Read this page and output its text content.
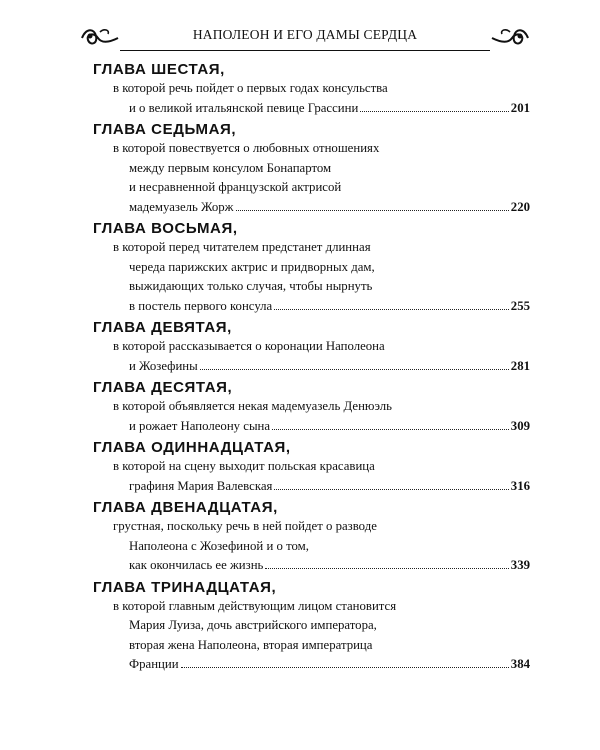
НАПОЛЕОН И ЕГО ДАМЫ СЕРДЦА
ГЛАВА ШЕСТАЯ,
в которой речь пойдет о первых годах консульства
и о великой итальянской певице Грассини	201
ГЛАВА СЕДЬМАЯ,
в которой повествуется о любовных отношениях
между первым консулом Бонапартом
и несравненной французской актрисой
мадемуазель Жорж	220
ГЛАВА ВОСЬМАЯ,
в которой перед читателем предстанет длинная
череда парижских актрис и придворных дам,
выжидающих только случая, чтобы нырнуть
в постель первого консула	255
ГЛАВА ДЕВЯТАЯ,
в которой рассказывается о коронации Наполеона
и Жозефины	281
ГЛАВА ДЕСЯТАЯ,
в которой объявляется некая мадемуазель Денюэль
и рожает Наполеону сына	309
ГЛАВА ОДИННАДЦАТАЯ,
в которой на сцену выходит польская красавица
графиня Мария Валевская	316
ГЛАВА ДВЕНАДЦАТАЯ,
грустная, поскольку речь в ней пойдет о разводе
Наполеона с Жозефиной и о том,
как окончилась ее жизнь	339
ГЛАВА ТРИНАДЦАТАЯ,
в которой главным действующим лицом становится
Мария Луиза, дочь австрийского императора,
вторая жена Наполеона, вторая императрица
Франции	384
